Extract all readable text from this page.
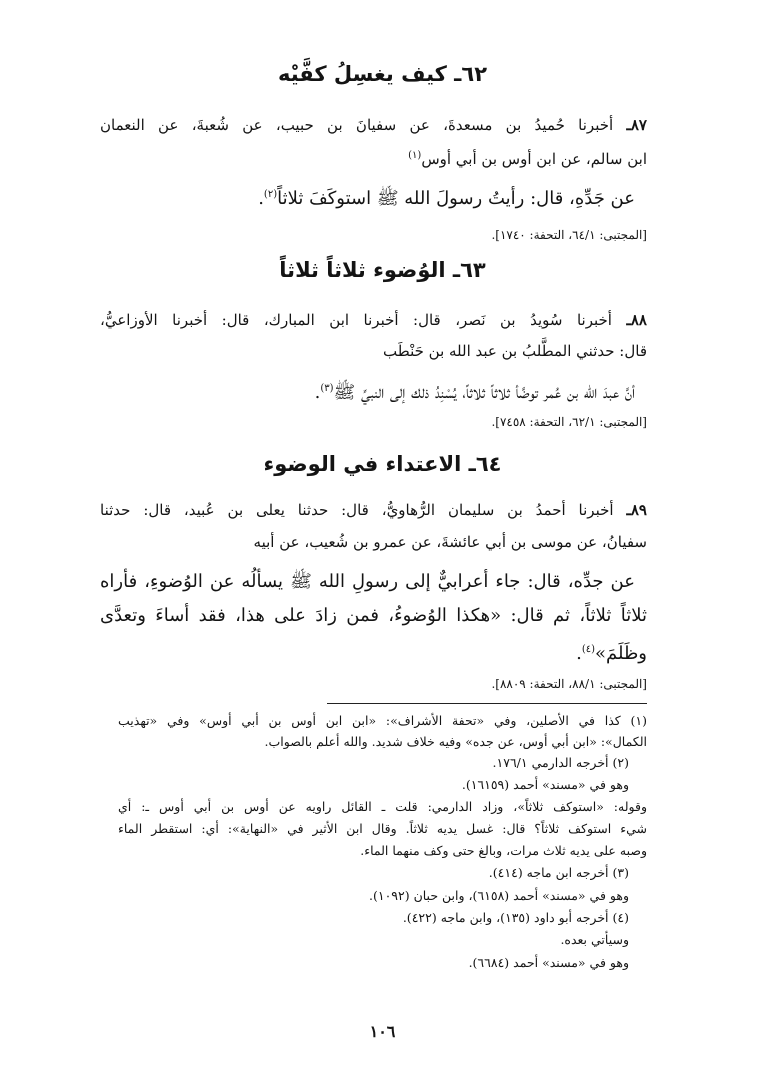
٦٢ـ كيف يغسِلُ كفَّيْه

٨٧ـ أخبرنا حُميدُ بن مسعدةَ، عن سفيانَ بن حبيب، عن شُعبةَ، عن النعمان

ابن سالم، عن ابن أوس بن أبي أوس$^{(١)}$

عن جَدِّهِ، قال: رأيتُ رسولَ الله ﷺ استوكَفَ ثلاثاً$^{(٢)}$.

[المجتبى: ٦٤/١، التحفة: ١٧٤٠].

٦٣ـ الوُضوء ثلاثاً ثلاثاً

٨٨ـ أخبرنا سُويدُ بن نَصر، قال: أخبرنا ابن المبارك، قال: أخبرنا الأوزاعيُّ،

قال: حدثني المطَّلبُ بن عبد الله بن حَنْطَب

أنَّ عبدَ الله بن عُمر توضَّأ ثلاثاً ثلاثاً، يُسْنِدُ ذلك إلى النبيِّ ﷺ$^{(٣)}$.

[المجتبى: ٦٢/١، التحفة: ٧٤٥٨].

٦٤ـ الاعتداء في الوضوء

٨٩ـ أخبرنا أحمدُ بن سليمان الرُّهاويُّ، قال: حدثنا يعلى بن عُبيد، قال: حدثنا

سفيانُ، عن موسى بن أبي عائشةَ، عن عمرو بن شُعيب، عن أبيه

عن جدِّه، قال: جاء أعرابيٌّ إلى رسولِ الله ﷺ يسألُه عن الوُضوءِ، فأراه

ثلاثاً ثلاثاً، ثم قال: «هكذا الوُضوءُ، فمن زادَ على هذا، فقد أساءَ وتعدَّى

وظَلَمَ»$^{(٤)}$.

[المجتبى: ٨٨/١، التحفة: ٨٨٠٩].

(١) كذا في الأصلين، وفي «تحفة الأشراف»: «ابن ابن أوس بن أبي أوس» وفي «تهذيب

الكمال»: «ابن أبي أوس، عن جده» وفيه خلاف شديد. والله أعلم بالصواب.

(٢) أخرجه الدارمي ١٧٦/١.

وهو في «مسند» أحمد (١٦١٥٩).

وقوله: «استوكف ثلاثاً»، وزاد الدارمي: قلت ـ القائل راويه عن أوس بن أبي أوس ـ: أي

شيء استوكف ثلاثاً؟ قال: غسل يديه ثلاثاً. وقال ابن الأثير في «النهاية»: أي: استقطر الماء

وصبه على يديه ثلاث مرات، وبالغ حتى وكف منهما الماء.

(٣) أخرجه ابن ماجه (٤١٤).

وهو في «مسند» أحمد (٦١٥٨)، وابن حبان (١٠٩٢).

(٤) أخرجه أبو داود (١٣٥)، وابن ماجه (٤٢٢).

وسيأتي بعده.

وهو في «مسند» أحمد (٦٦٨٤).

١٠٦
